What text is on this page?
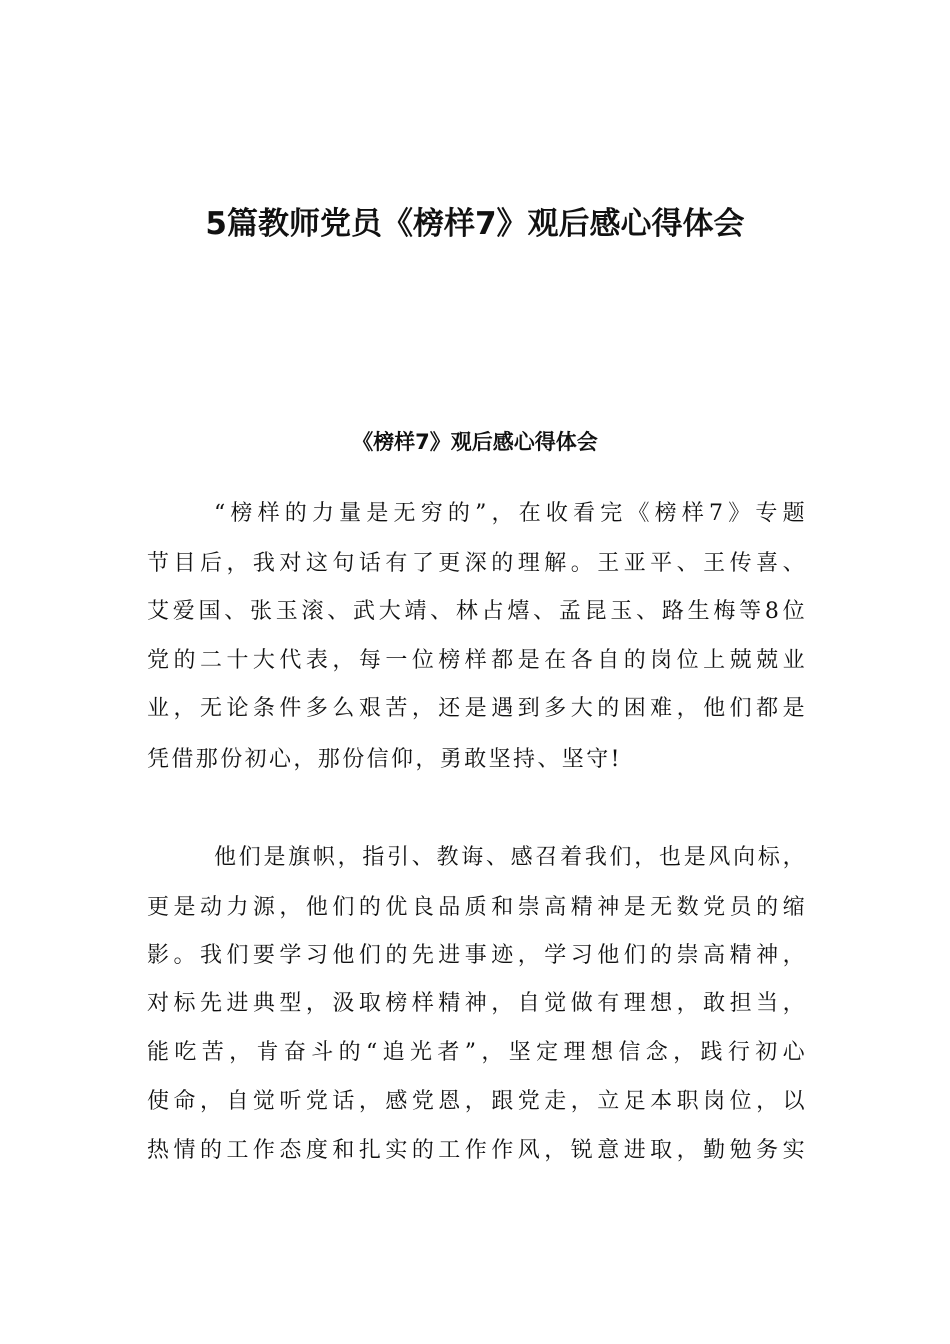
5篇教师党员《榜样7》观后感心得体会
《榜样7》观后感心得体会

“榜样的力量是无穷的”，在收看完《榜样7》专题

节目后，我对这句话有了更深的理解。王亚平、王传喜、

艾爱国、张玉滚、武大靖、林占熺、孟昆玉、路生梅等8位

党的二十大代表，每一位榜样都是在各自的岗位上兢兢业

业，无论条件多么艰苦，还是遇到多大的困难，他们都是

凭借那份初心，那份信仰，勇敢坚持、坚守!

他们是旗帜，指引、教诲、感召着我们，也是风向标，

更是动力源，他们的优良品质和崇高精神是无数党员的缩

影。我们要学习他们的先进事迹，学习他们的崇高精神，

对标先进典型，汲取榜样精神，自觉做有理想，敢担当，

能吃苦，肯奋斗的“追光者”，坚定理想信念，践行初心

使命，自觉听党话，感党恩，跟党走，立足本职岗位，以

热情的工作态度和扎实的工作作风，锐意进取，勤勉务实
